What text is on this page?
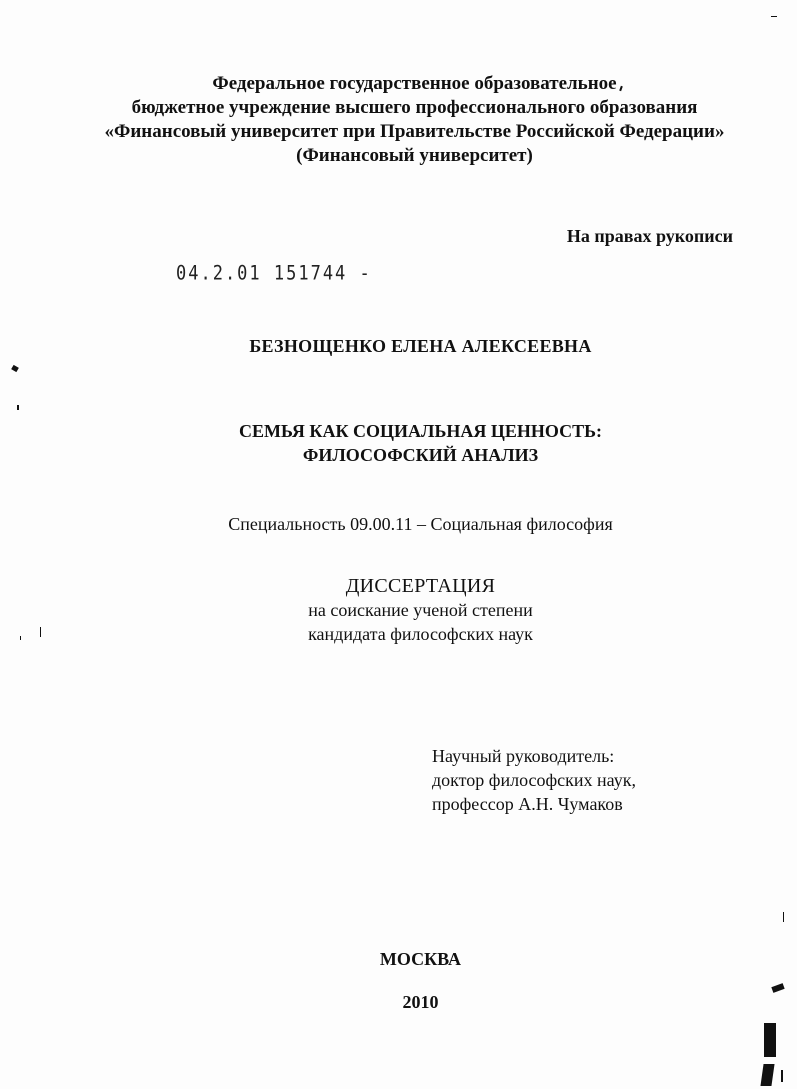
Федеральное государственное образовательное
бюджетное учреждение высшего профессионального образования
«Финансовый университет при Правительстве Российской Федерации»
(Финансовый университет)
На правах рукописи
04.2.01 151744 -
БЕЗНОЩЕНКО ЕЛЕНА АЛЕКСЕЕВНА
СЕМЬЯ КАК СОЦИАЛЬНАЯ ЦЕННОСТЬ:
ФИЛОСОФСКИЙ АНАЛИЗ
Специальность 09.00.11 – Социальная философия
ДИССЕРТАЦИЯ
на соискание ученой степени
кандидата философских наук
Научный руководитель:
доктор философских наук,
профессор А.Н. Чумаков
МОСКВА
2010
